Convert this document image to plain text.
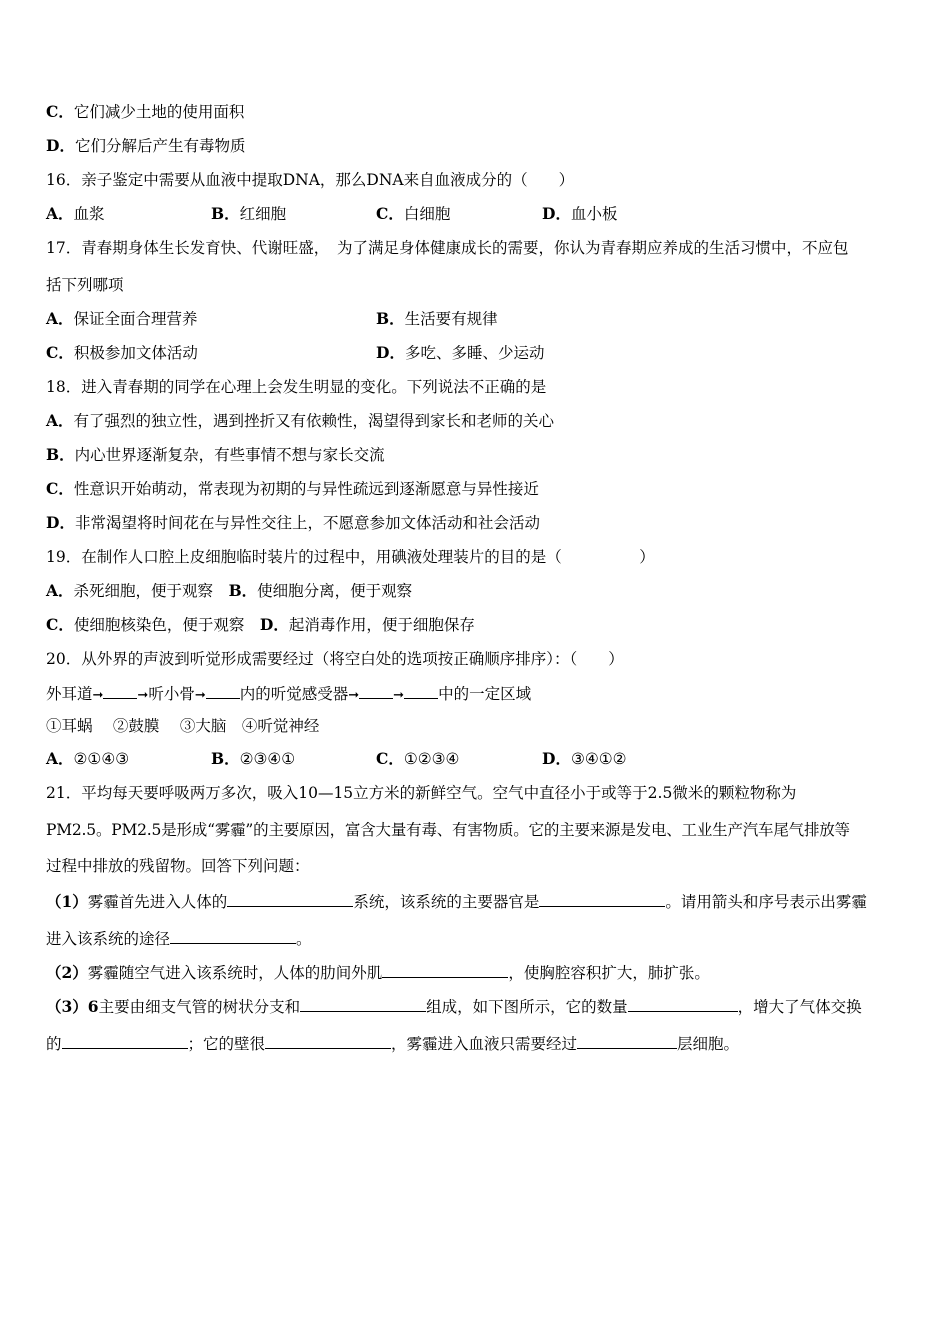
C．它们减少土地的使用面积
D．它们分解后产生有毒物质
16．亲子鉴定中需要从血液中提取DNA，那么DNA来自血液成分的（　　）
A．血浆	B．红细胞	C．白细胞	D．血小板
17．青春期身体生长发育快、代谢旺盛，　为了满足身体健康成长的需要，你认为青春期应养成的生活习惯中，不应包
括下列哪项
A．保证全面合理营养	B．生活要有规律
C．积极参加文体活动	D．多吃、多睡、少运动
18．进入青春期的同学在心理上会发生明显的变化。下列说法不正确的是
A．有了强烈的独立性，遇到挫折又有依赖性，渴望得到家长和老师的关心
B．内心世界逐渐复杂，有些事情不想与家长交流
C．性意识开始萌动，常表现为初期的与异性疏远到逐渐愿意与异性接近
D．非常渴望将时间花在与异性交往上，不愿意参加文体活动和社会活动
19．在制作人口腔上皮细胞临时装片的过程中，用碘液处理装片的目的是（　　　　　）
A．杀死细胞，便于观察　 B．使细胞分离，便于观察
C．使细胞核染色，便于观察　 D．起消毒作用，便于细胞保存
20．从外界的声波到听觉形成需要经过（将空白处的选项按正确顺序排序）：（　　）
外耳道➞	➞听小骨➞ 内的听觉感受器➞	➞ 中的一定区域
①耳蜗　 ②鼓膜　 ③大脑　④听觉神经
A．②①④③	B．②③④①	C．①②③④	D．③④①②
21．平均每天要呼吸两万多次，吸入10—15立方米的新鲜空气。空气中直径小于或等于2.5微米的颗粒物称为
PM2.5。PM2.5是形成“雾霾”的主要原因，富含大量有毒、有害物质。它的主要来源是发电、工业生产汽车尾气排放等
过程中排放的残留物。回答下列问题：
（1）雾霾首先进入人体的	系统，该系统的主要器官是	。请用箭头和序号表示出雾霾
进入该系统的途径	。
（2）雾霾随空气进入该系统时，人体的肋间外肌	，使胸腔容积扩大，肺扩张。
（3）6主要由细支气管的树状分支和	组成，如下图所示，它的数量	，增大了气体交换
的	；它的壁很	，雾霾进入血液只需要经过	层细胞。
